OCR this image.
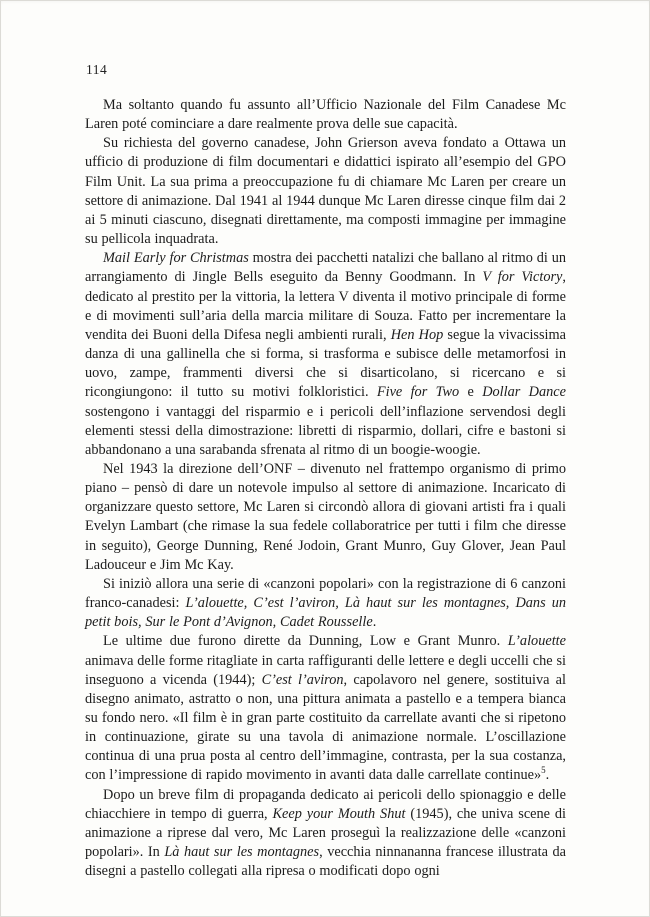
114

Ma soltanto quando fu assunto all’Ufficio Nazionale del Film Canadese Mc Laren poté cominciare a dare realmente prova delle sue capacità.

Su richiesta del governo canadese, John Grierson aveva fondato a Ottawa un ufficio di produzione di film documentari e didattici ispirato all’esempio del GPO Film Unit. La sua prima a preoccupazione fu di chiamare Mc Laren per creare un settore di animazione. Dal 1941 al 1944 dunque Mc Laren diresse cinque film dai 2 ai 5 minuti ciascuno, disegnati direttamente, ma composti immagine per immagine su pellicola inquadrata.

Mail Early for Christmas mostra dei pacchetti natalizi che ballano al ritmo di un arrangiamento di Jingle Bells eseguito da Benny Goodmann. In V for Victory, dedicato al prestito per la vittoria, la lettera V diventa il motivo principale di forme e di movimenti sull’aria della marcia militare di Souza. Fatto per incrementare la vendita dei Buoni della Difesa negli ambienti rurali, Hen Hop segue la vivacissima danza di una gallinella che si forma, si trasforma e subisce delle metamorfosi in uovo, zampe, frammenti diversi che si disarticolano, si ricercano e si ricongiungono: il tutto su motivi folkloristici. Five for Two e Dollar Dance sostengono i vantaggi del risparmio e i pericoli dell’inflazione servendosi degli elementi stessi della dimostrazione: libretti di risparmio, dollari, cifre e bastoni si abbandonano a una sarabanda sfrenata al ritmo di un boogie-woogie.

Nel 1943 la direzione dell’ONF – divenuto nel frattempo organismo di primo piano – pensò di dare un notevole impulso al settore di animazione. Incaricato di organizzare questo settore, Mc Laren si circondò allora di giovani artisti fra i quali Evelyn Lambart (che rimase la sua fedele collaboratrice per tutti i film che diresse in seguito), George Dunning, René Jodoin, Grant Munro, Guy Glover, Jean Paul Ladouceur e Jim Mc Kay.

Si iniziò allora una serie di «canzoni popolari» con la registrazione di 6 canzoni franco-canadesi: L’alouette, C’est l’aviron, Là haut sur les montagnes, Dans un petit bois, Sur le Pont d’Avignon, Cadet Rousselle.

Le ultime due furono dirette da Dunning, Low e Grant Munro. L’alouette animava delle forme ritagliate in carta raffiguranti delle lettere e degli uccelli che si inseguono a vicenda (1944); C’est l’aviron, capolavoro nel genere, sostituiva al disegno animato, astratto o non, una pittura animata a pastello e a tempera bianca su fondo nero. «Il film è in gran parte costituito da carrellate avanti che si ripetono in continuazione, girate su una tavola di animazione normale. L’oscillazione continua di una prua posta al centro dell’immagine, contrasta, per la sua costanza, con l’impressione di rapido movimento in avanti data dalle carrellate continue»$^5$.

Dopo un breve film di propaganda dedicato ai pericoli dello spionaggio e delle chiacchiere in tempo di guerra, Keep your Mouth Shut (1945), che univa scene di animazione a riprese dal vero, Mc Laren proseguì la realizzazione delle «canzoni popolari». In Là haut sur les montagnes, vecchia ninnananna francese illustrata da disegni a pastello collegati alla ripresa o modificati dopo ogni
